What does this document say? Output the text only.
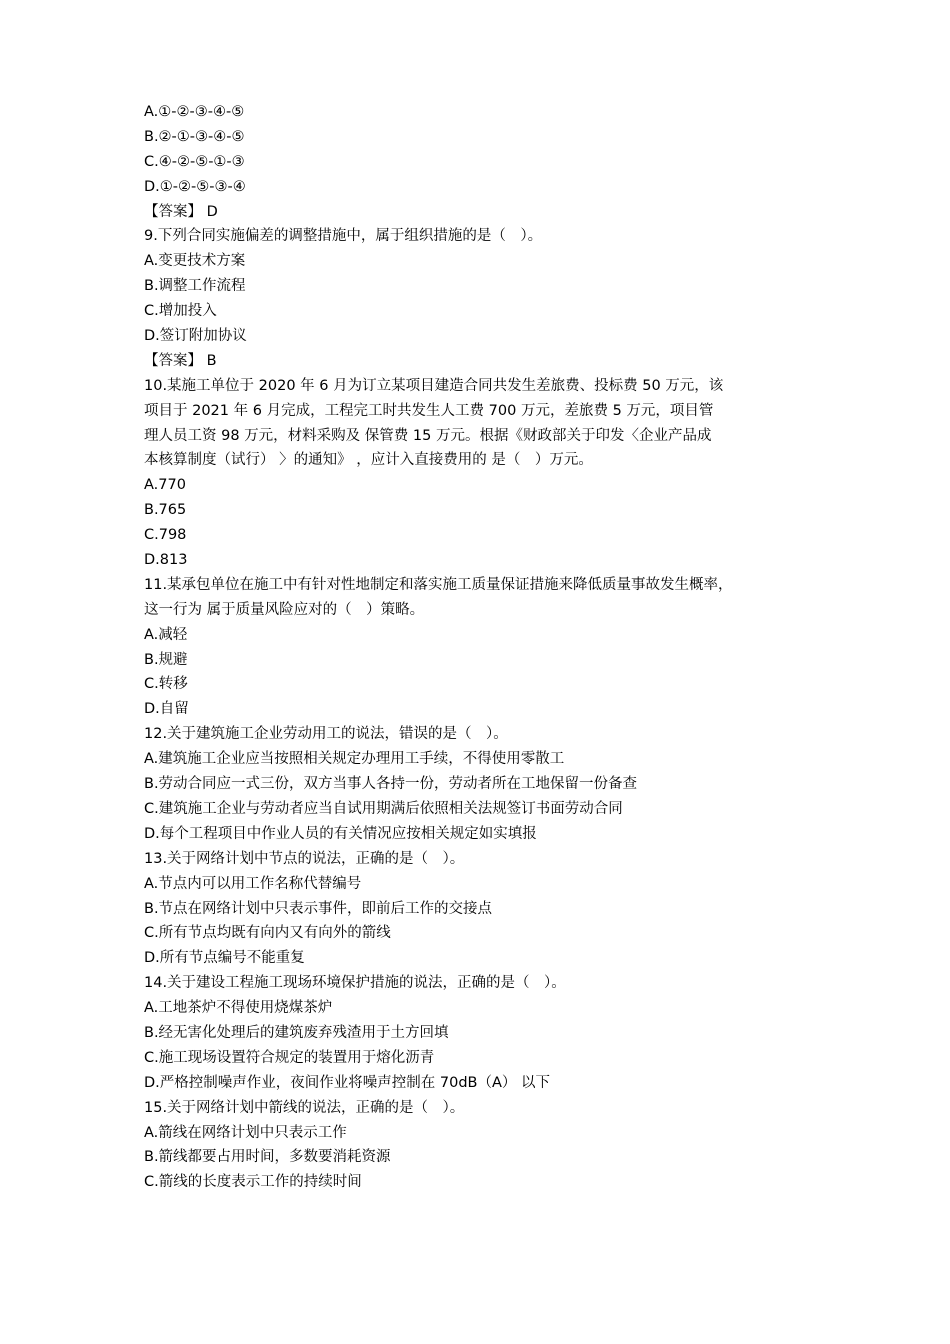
A.①-②-③-④-⑤
B.②-①-③-④-⑤
C.④-②-⑤-①-③
D.①-②-⑤-③-④
【答案】 D
9.下列合同实施偏差的调整措施中，属于组织措施的是（　）。
A.变更技术方案
B.调整工作流程
C.增加投入
D.签订附加协议
【答案】 B
10.某施工单位于 2020 年 6 月为订立某项目建造合同共发生差旅费、投标费 50 万元，该
项目于 2021 年 6 月完成，工程完工时共发生人工费 700 万元，差旅费 5 万元，项目管
理人员工资 98 万元，材料采购及 保管费 15 万元。根据《财政部关于印发〈企业产品成
本核算制度（试行） 〉的通知》 ，应计入直接费用的 是（　）万元。
A.770
B.765
C.798
D.813
11.某承包单位在施工中有针对性地制定和落实施工质量保证措施来降低质量事故发生概率，
这一行为 属于质量风险应对的（　）策略。
A.减轻
B.规避
C.转移
D.自留
12.关于建筑施工企业劳动用工的说法，错误的是（　）。
A.建筑施工企业应当按照相关规定办理用工手续，不得使用零散工
B.劳动合同应一式三份，双方当事人各持一份，劳动者所在工地保留一份备查
C.建筑施工企业与劳动者应当自试用期满后依照相关法规签订书面劳动合同
D.每个工程项目中作业人员的有关情况应按相关规定如实填报
13.关于网络计划中节点的说法，正确的是（　）。
A.节点内可以用工作名称代替编号
B.节点在网络计划中只表示事件，即前后工作的交接点
C.所有节点均既有向内又有向外的箭线
D.所有节点编号不能重复
14.关于建设工程施工现场环境保护措施的说法，正确的是（　）。
A.工地茶炉不得使用烧煤茶炉
B.经无害化处理后的建筑废弃残渣用于土方回填
C.施工现场设置符合规定的装置用于熔化沥青
D.严格控制噪声作业，夜间作业将噪声控制在 70dB（A） 以下
15.关于网络计划中箭线的说法，正确的是（　）。
A.箭线在网络计划中只表示工作
B.箭线都要占用时间，多数要消耗资源
C.箭线的长度表示工作的持续时间
